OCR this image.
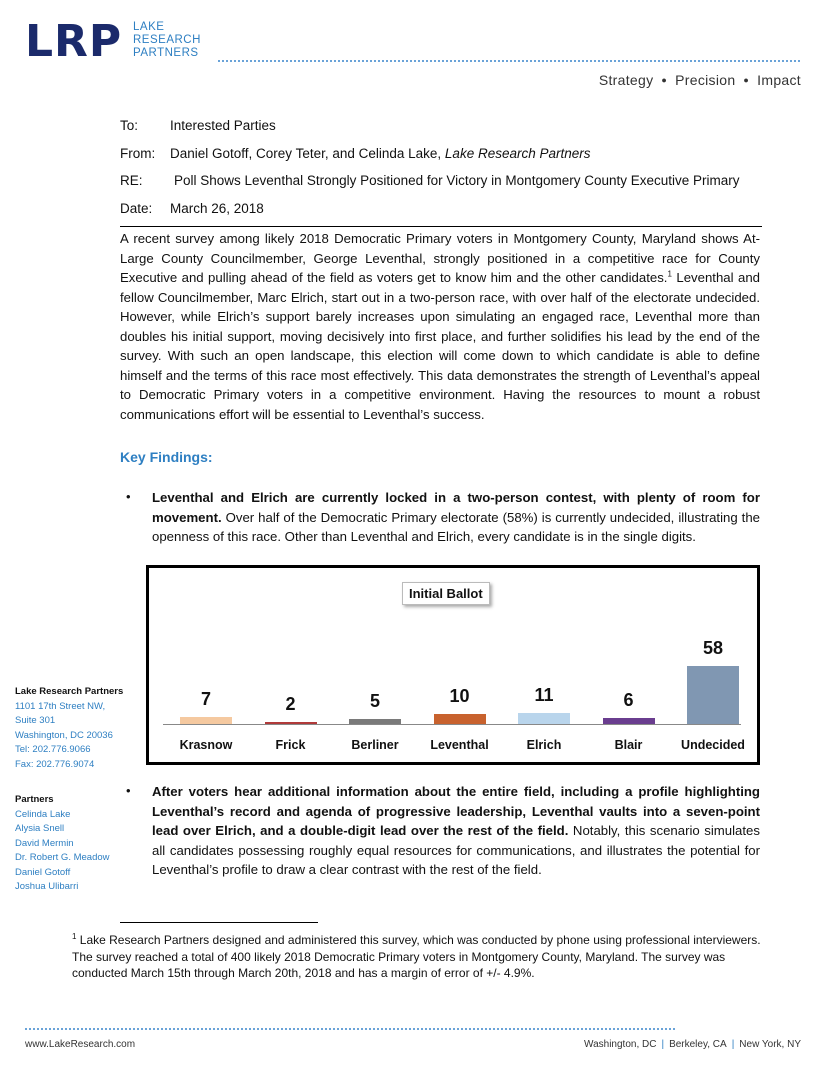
LRP LAKE
RESEARCH
PARTNERS
Strategy ● Precision ● Impact
To: Interested Parties
From: Daniel Gotoff, Corey Teter, and Celinda Lake, Lake Research Partners
RE: Poll Shows Leventhal Strongly Positioned for Victory in Montgomery County Executive Primary
Date: March 26, 2018
A recent survey among likely 2018 Democratic Primary voters in Montgomery County, Maryland shows At-Large County Councilmember, George Leventhal, strongly positioned in a competitive race for County Executive and pulling ahead of the field as voters get to know him and the other candidates.$^1$ Leventhal and fellow Councilmember, Marc Elrich, start out in a two-person race, with over half of the electorate undecided. However, while Elrich’s support barely increases upon simulating an engaged race, Leventhal more than doubles his initial support, moving decisively into first place, and further solidifies his lead by the end of the survey. With such an open landscape, this election will come down to which candidate is able to define himself and the terms of this race most effectively. This data demonstrates the strength of Leventhal’s appeal to Democratic Primary voters in a competitive environment. Having the resources to mount a robust communications effort will be essential to Leventhal’s success.
Key Findings:
• Leventhal and Elrich are currently locked in a two-person contest, with plenty of room for movement. Over half of the Democratic Primary electorate (58%) is currently undecided, illustrating the openness of this race. Other than Leventhal and Elrich, every candidate is in the single digits.
Initial Ballot
7
Krasnow
2
Frick
5
Berliner
10
Leventhal
11
Elrich
6
Blair
58
Undecided
• After voters hear additional information about the entire field, including a profile highlighting Leventhal’s record and agenda of progressive leadership, Leventhal vaults into a seven-point lead over Elrich, and a double-digit lead over the rest of the field. Notably, this scenario simulates all candidates possessing roughly equal resources for communications, and illustrates the potential for Leventhal’s profile to draw a clear contrast with the rest of the field.
Lake Research Partners
1101 17th Street NW,
Suite 301
Washington, DC 20036
Tel: 202.776.9066
Fax: 202.776.9074
Partners
Celinda Lake
Alysia Snell
David Mermin
Dr. Robert G. Meadow
Daniel Gotoff
Joshua Ulibarri
$^1$ Lake Research Partners designed and administered this survey, which was conducted by phone using professional interviewers. The survey reached a total of 400 likely 2018 Democratic Primary voters in Montgomery County, Maryland. The survey was conducted March 15th through March 20th, 2018 and has a margin of error of +/- 4.9%.
www.LakeResearch.com	Washington, DC | Berkeley, CA | New York, NY
